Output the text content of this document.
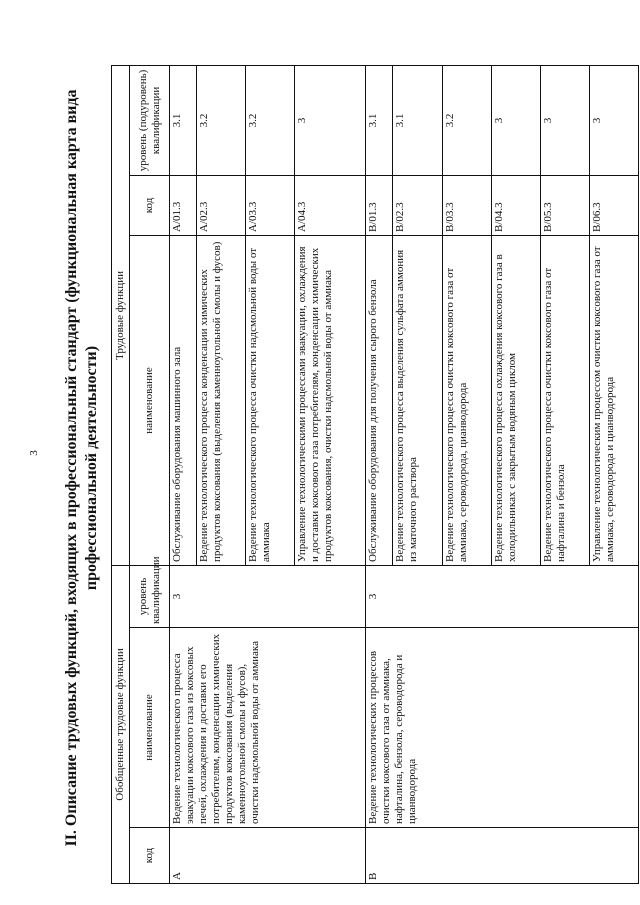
3 II. Описание трудовых функций, входящих в профессиональный стандарт (функциональная карта вида профессиональной деятельности)
Обобщенные трудовые функции			Трудовые функции		
код	наименование	уровень квалификации	наименование	код	уровень (подуровень) квалификации
А	Ведение технологического процесса эвакуации коксового газа из коксовых печей, охлаждения и доставки его потребителям, конденсации химических продуктов коксования (выделения каменноугольной смолы и фусов), очистки надсмольной воды от аммиака	3	Обслуживание оборудования машинного зала	А/01.3	3.1
			Ведение технологического процесса конденсации химических продуктов коксования (выделения каменноугольной смолы и фусов)	А/02.3	3.2
			Ведение технологического процесса очистки надсмольной воды от аммиака	А/03.3	3.2
			Управление технологическими процессами эвакуации, охлаждения и доставки коксового газа потребителям, конденсации химических продуктов коксования, очистки надсмольной воды от аммиака	А/04.3	3
В	Ведение технологических процессов очистки коксового газа от аммиака, нафталина, бензола, сероводорода и цианводорода	3	Обслуживание оборудования для получения сырого бензола	В/01.3	3.1
			Ведение технологического процесса выделения сульфата аммония из маточного раствора	В/02.3	3.1
			Ведение технологического процесса очистки коксового газа от аммиака, сероводорода, цианводорода	В/03.3	3.2
			Ведение технологического процесса охлаждения коксового газа в холодильниках с закрытым водяным циклом	В/04.3	3
			Ведение технологического процесса очистки коксового газа от нафталина и бензола	В/05.3	3
			Управление технологическим процессом очистки коксового газа от аммиака, сероводорода и цианводорода	В/06.3	3
